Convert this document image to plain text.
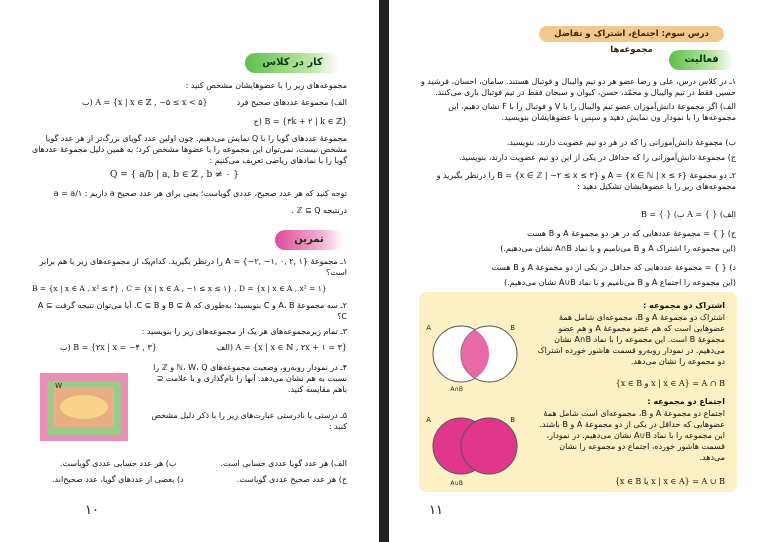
کار در کلاس
مجموعه‌های زیر را با عضوهایشان مشخص کنید :
الف) مجموعهٔ عددهای صحیح فرد
A = {x | x ∈ ℤ , −۵ ≤ x < ۵} (ب
B = {۳k + ۲ | k ∈ ℤ} (ج
مجموعهٔ عددهای گویا را با Q نمایش می‌دهیم. چون اولین عدد گویای بزرگ‌تر از هر عدد گویا مشخص نیست، نمی‌توان این مجموعه را با عضوها مشخص کرد؛ به همین دلیل مجموعهٔ عددهای گویا را با نمادهای ریاضی تعریف می‌کنیم :
Q = { a/b | a, b ∈ ℤ , b ≠ ۰ }
توجه کنید که هر عدد صحیح، عددی گویاست؛ یعنی برای هر عدد صحیح a داریم : a = a/۱
درنتیجه ℤ ⊆ Q .
تمرین
۱ـ مجموعهٔ {۱ ,۲ ,۰ ,۱− ,۲−} = A را درنظر بگیرید. کدام‌یک از مجموعه‌های زیر با هم برابر است؟
B = {x | x ∈ A , x² ≤ ۴} , C = {x | x ∈ A , −۱ ≤ x ≤ ۱} , D = {x | x ∈ A , x² = ۱}
۲ـ سه مجموعهٔ A، B و C بنویسید؛ به‌طوری که B ⊆ A و C ⊆ B. آیا می‌توان نتیجه گرفت A ⊆ C؟
۳ـ تمام زیرمجموعه‌های هر یک از مجموعه‌های زیر را بنویسید :
A = {x | x ∈ ℕ , ۲x + ۱ = ۳} (الف
B = {۲x | x = −۴ , ۳} (ب
۴ـ در نمودار روبه‌رو، وضعیت مجموعه‌های ℕ، W، Q و ℤ را نسبت به هم نشان می‌دهد. آنها را نام‌گذاری و با علامت ⊆ باهم مقایسه کنید.
۵ـ درستی یا نادرستی عبارت‌های زیر را با ذکر دلیل مشخص کنید :
W
الف) هر عدد گویا عددی حسابی است.
ب) هر عدد حسابی عددی گویاست.
ج) هر عدد صحیح عددی گویاست.
د) بعضی از عددهای گویا، عدد صحیح‌اند.
۱۰
درس سوم: اجتماع، اشتراک و تفاضل مجموعه‌ها
فعالیت
۱ـ در کلاس درس، علی و رضا عضو هر دو تیم والیبال و فوتبال هستند. سامان، احسان، فرشید و حسین فقط در تیم والیبال و محمّد، حسن، کیوان و سبحان فقط در تیم فوتبال بازی می‌کنند.
الف) اگر مجموعهٔ دانش‌آموزان عضو تیم والیبال را با V و فوتبال را با F نشان دهیم، این مجموعه‌ها را با نمودار ون نمایش دهید و سپس با عضوهایشان بنویسید.
ب) مجموعهٔ دانش‌آموزانی را که در هر دو تیم عضویت دارند، بنویسید.
ج) مجموعهٔ دانش‌آموزانی را که حداقل در یکی از این دو تیم عضویت دارند، بنویسید.
۲ـ دو مجموعهٔ A = {x ∈ ℕ | x ≤ ۶} و B = {x ∈ ℤ | −۲ ≤ x ≤ ۳} را درنظر بگیرید و مجموعه‌های زیر را با عضوهایشان تشکیل دهید :
الف) { } = A ب) { } = B
ج) { } = مجموعهٔ عددهایی که در هر دو مجموعهٔ A و B هست
(این مجموعه را اشتراک A و B می‌نامیم و با نماد A∩B نشان می‌دهیم.)
د) { } = مجموعهٔ عددهایی که حداقل در یکی از دو مجموعهٔ A و B هست
(این مجموعه را اجتماع A و B می‌نامیم و با نماد A∪B نشان می‌دهیم.)
اشتراک دو مجموعه :
اشتراک دو مجموعهٔ A و B، مجموعه‌ای شامل همهٔ عضوهایی است که هم عضو مجموعهٔ A و هم عضو مجموعهٔ B است. این مجموعه را با نماد A∩B نشان می‌دهیم. در نمودار روبه‌رو قسمت هاشور خورده اشتراک دو مجموعه را نشان می‌دهد.
A ∩ B = {x | x ∈ A و x ∈ B}
اجتماع دو مجموعه :
اجتماع دو مجموعهٔ A و B، مجموعه‌ای است شامل همهٔ عضوهایی که حداقل در یکی از دو مجموعهٔ A و B باشند. این مجموعه را با نماد A∪B نشان می‌دهیم. در نمودار، قسمت هاشور خورده، اجتماع دو مجموعه را نشان می‌دهد.
A ∪ B = {x | x ∈ A یا x ∈ B}
A	B
A∩B
A	B
A∪B
۱۱
